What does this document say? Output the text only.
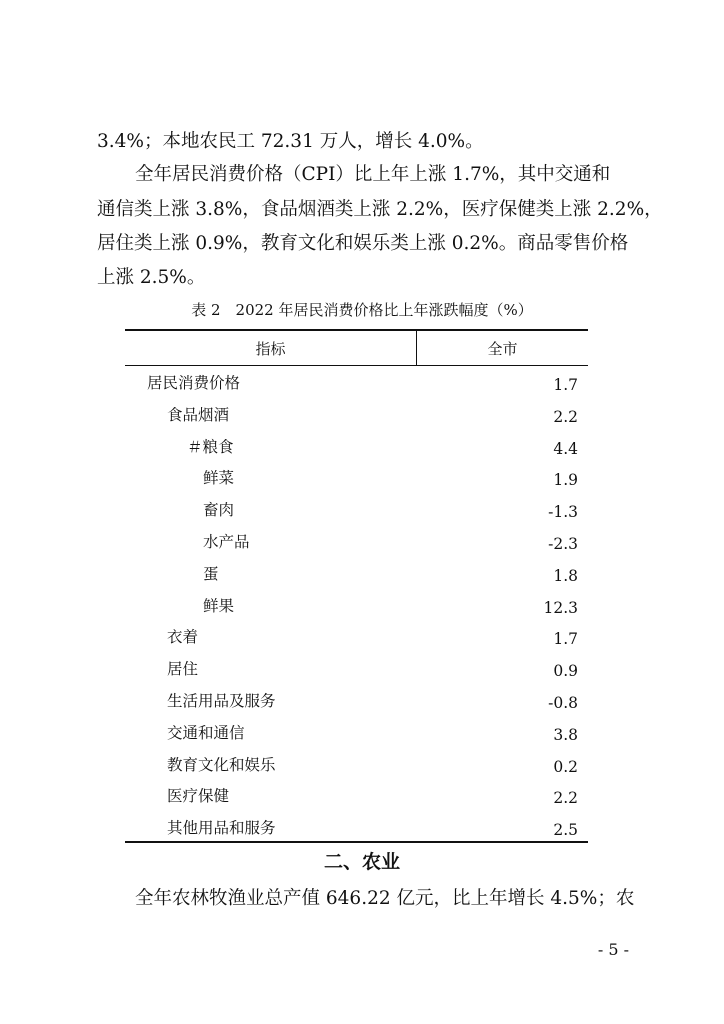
3.4%；本地农民工 72.31 万人，增长 4.0%。
全年居民消费价格（CPI）比上年上涨 1.7%，其中交通和
通信类上涨 3.8%，食品烟酒类上涨 2.2%，医疗保健类上涨 2.2%，
居住类上涨 0.9%，教育文化和娱乐类上涨 0.2%。商品零售价格
上涨 2.5%。
表 2　2022 年居民消费价格比上年涨跌幅度（%）
指标	全市
居民消费价格	1.7
食品烟酒	2.2
＃粮食	4.4
鲜菜	1.9
畜肉	-1.3
水产品	-2.3
蛋	1.8
鲜果	12.3
衣着	1.7
居住	0.9
生活用品及服务	-0.8
交通和通信	3.8
教育文化和娱乐	0.2
医疗保健	2.2
其他用品和服务	2.5
二、农业
全年农林牧渔业总产值 646.22 亿元，比上年增长 4.5%；农
- 5 -
